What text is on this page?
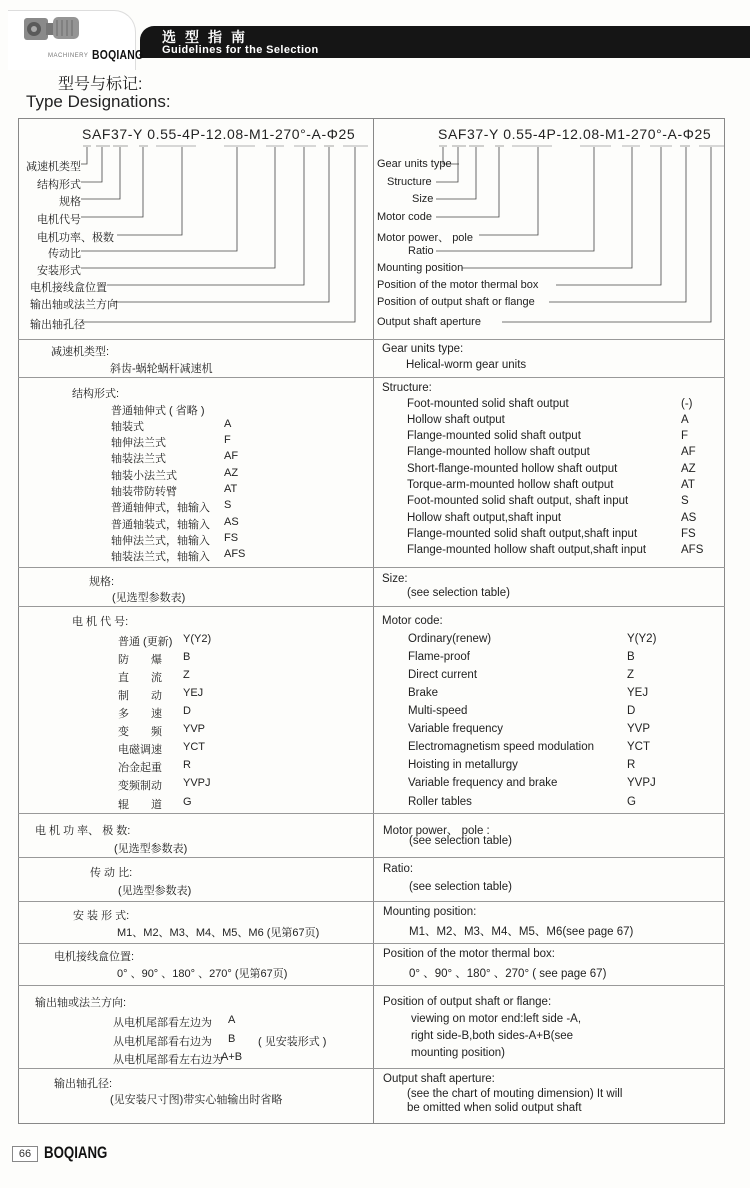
MACHINERY BOQIANG
选型指南
Guidelines for the Selection
型号与标记:
Type Designations:
SAF37-Y 0.55-4P-12.08-M1-270°-A-Φ25	SAF37-Y 0.55-4P-12.08-M1-270°-A-Φ25
减速机类型
结构形式
规格
电机代号
电机功率、极数
传动比
安装形式
电机接线盒位置
输出轴或法兰方向
输出轴孔径
Gear units type
Structure
Size
Motor code
Motor power、 pole
Ratio
Mounting position
Position of the motor thermal box
Position of output shaft or flange
Output shaft aperture
减速机类型:
斜齿-蜗轮蜗杆减速机
Gear units type:
Helical-worm gear units
结构形式:	Structure:
普通轴伸式 ( 省略 )
轴装式	A
轴伸法兰式	F
轴装法兰式	AF
轴装小法兰式	AZ
轴装带防转臂	AT
普通轴伸式，轴输入 S
普通轴装式，轴输入 AS
轴伸法兰式，轴输入 FS
轴装法兰式，轴输入 AFS
Foot-mounted solid shaft output	(-)
Hollow shaft output	A
Flange-mounted solid shaft output	F
Flange-mounted hollow shaft output	AF
Short-flange-mounted hollow shaft output	AZ
Torque-arm-mounted hollow shaft output	AT
Foot-mounted solid shaft output, shaft input	S
Hollow shaft output,shaft input	AS
Flange-mounted solid shaft output,shaft input	FS
Flange-mounted hollow shaft output,shaft input	AFS
规格:
(见选型参数表)
Size:
(see selection table)
电 机 代 号:	Motor code:
普通 (更新) Y(Y2)
防　　爆 B
直　　流 Z
制　　动 YEJ
多　　速 D
变　　频 YVP
电磁调速 YCT
冶金起重 R
变频制动 YVPJ
辊　　道 G
Ordinary(renew)	Y(Y2)
Flame-proof	B
Direct current	Z
Brake	YEJ
Multi-speed	D
Variable frequency	YVP
Electromagnetism speed modulation	YCT
Hoisting in metallurgy	R
Variable frequency and brake	YVPJ
Roller tables	G
电 机 功 率、 极 数:
(见选型参数表)
Motor power、 pole :
(see selection table)
传 动 比:
(见选型参数表)
Ratio:
(see selection table)
安 装 形 式:
M1、M2、M3、M4、M5、M6 (见第67页)
Mounting position:
M1、M2、M3、M4、M5、M6(see page 67)
电机接线盒位置:
0° 、90° 、180° 、270° (见第67页)
Position of the motor thermal box:
0° 、90° 、180° 、270° ( see page 67)
输出轴或法兰方向:
从电机尾部看左边为 A
从电机尾部看右边为 B ( 见安装形式 )
从电机尾部看左右边为
A+B
Position of output shaft or flange:
viewing on motor end:left side -A,
right side-B,both sides-A+B(see
mounting position)
输出轴孔径:
(见安装尺寸图)带实心轴输出时省略
Output shaft aperture:
(see the chart of mouting dimension) It will
be omitted when solid output shaft
66 BOQIANG
